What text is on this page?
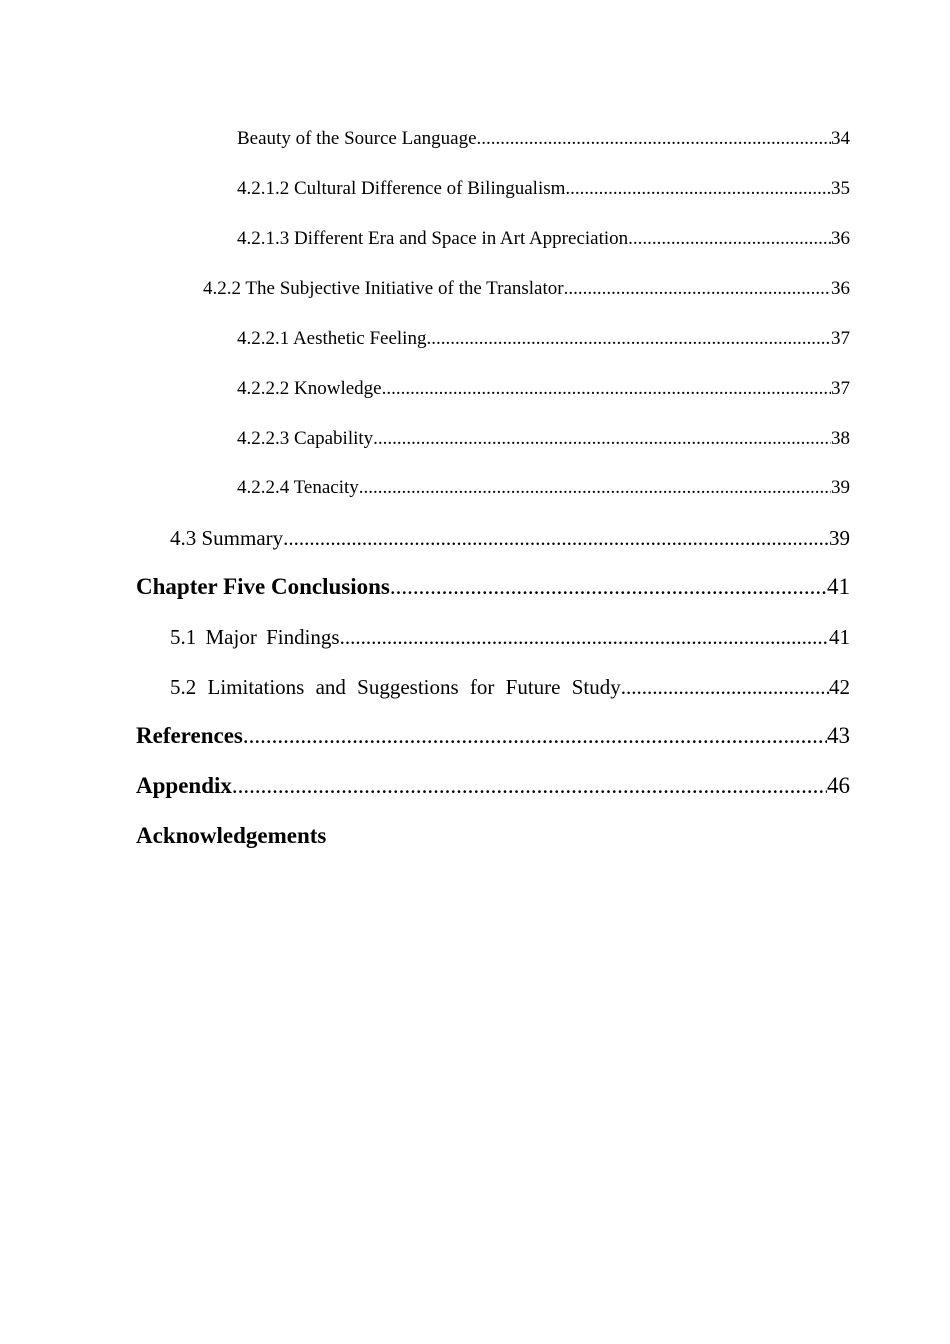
Beauty of the Source Language .....	34
4.2.1.2 Cultural Difference of Bilingualism .....	35
4.2.1.3 Different Era and Space in Art Appreciation .....	36
4.2.2 The Subjective Initiative of the Translator .....	36
4.2.2.1 Aesthetic Feeling .....	37
4.2.2.2 Knowledge .....	37
4.2.2.3 Capability .....	38
4.2.2.4 Tenacity .....	39
4.3 Summary .....	39
Chapter Five Conclusions .....	41
5.1 Major Findings .....	41
5.2 Limitations and Suggestions for Future Study .....	42
References .....	43
Appendix .....	46
Acknowledgements
